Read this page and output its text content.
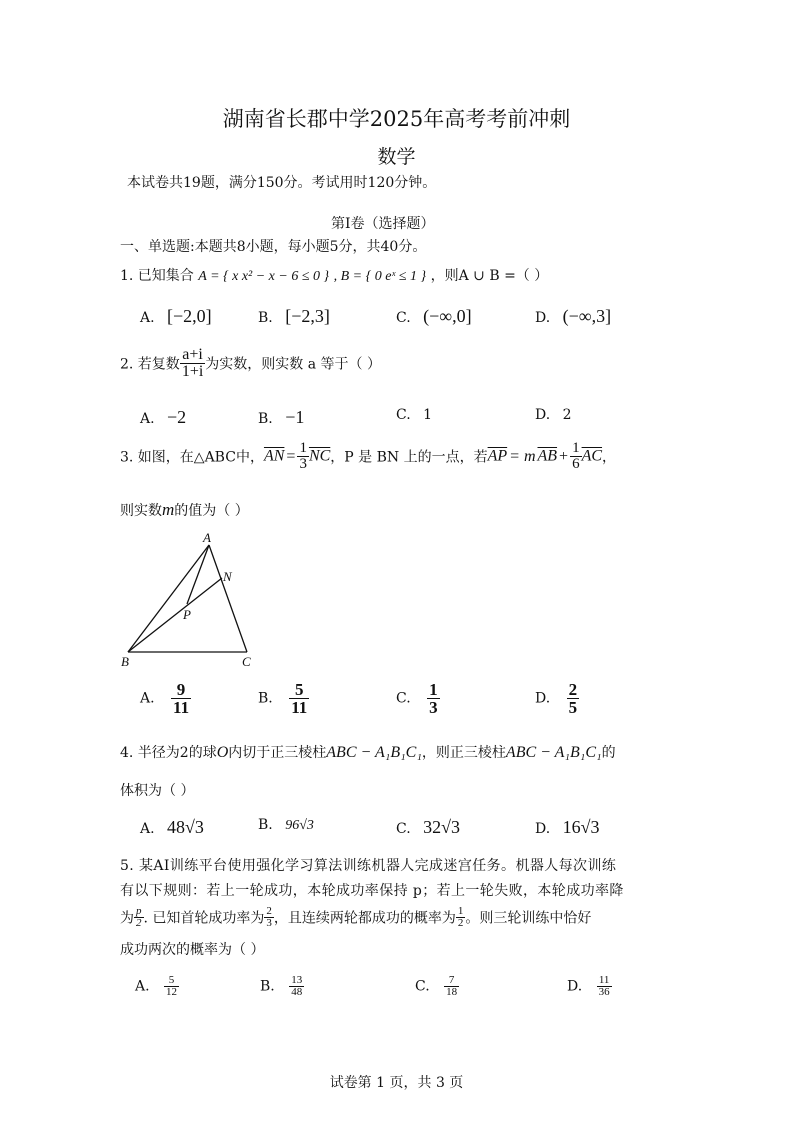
湖南省长郡中学2025年高考考前冲刺
数学
本试卷共19题，满分150分。考试用时120分钟。
第Ⅰ卷（选择题）
一、单选题:本题共8小题，每小题5分，共40分。
1. 已知集合 A = { x x² − x − 6 ≤ 0 } , B = { 0 eˣ ≤ 1 } ，则A ∪ B =（ ）
A. [−2,0]	B. [−2,3]	C. (−∞,0]	D. (−∞,3]
2. 若复数 $\frac{a+i}{1+i}$ 为实数，则实数 a 等于（ ）
A. −2	B. −1	C. 1	D. 2
3. 如图，在△ABC中，$\overline{AN} = \frac{1}{3} \overline{NC}$，P 是 BN 上的一点，若$\overline{AP} = m$ $\overline{AB} + \frac{1}{6} \overline{AC}$，
则实数m的值为（ ）
A
N
P
B	C
A. $\frac{9}{11}$	B. $\frac{5}{11}$	C. $\frac{1}{3}$	D. $\frac{2}{5}$
4. 半径为2的球O内切于正三棱柱ABC − A₁B₁C₁，则正三棱柱ABC − A₁B₁C₁的
体积为（ ）
A. 48√3	B. 96√3	C. 32√3	D. 16√3
5. 某AI训练平台使用强化学习算法训练机器人完成迷宫任务。机器人每次训练
有以下规则：若上一轮成功，本轮成功率保持 p；若上一轮失败，本轮成功率降
为 $\frac{p}{2}$ . 已知首轮成功率为 $\frac{2}{3}$ ，且连续两轮都成功的概率为 $\frac{1}{2}$ 。则三轮训练中恰好
成功两次的概率为（ ）
A. $\frac{5}{12}$	B. $\frac{13}{48}$	C. $\frac{7}{18}$	D. $\frac{11}{36}$
试卷第 1 页，共 3 页
